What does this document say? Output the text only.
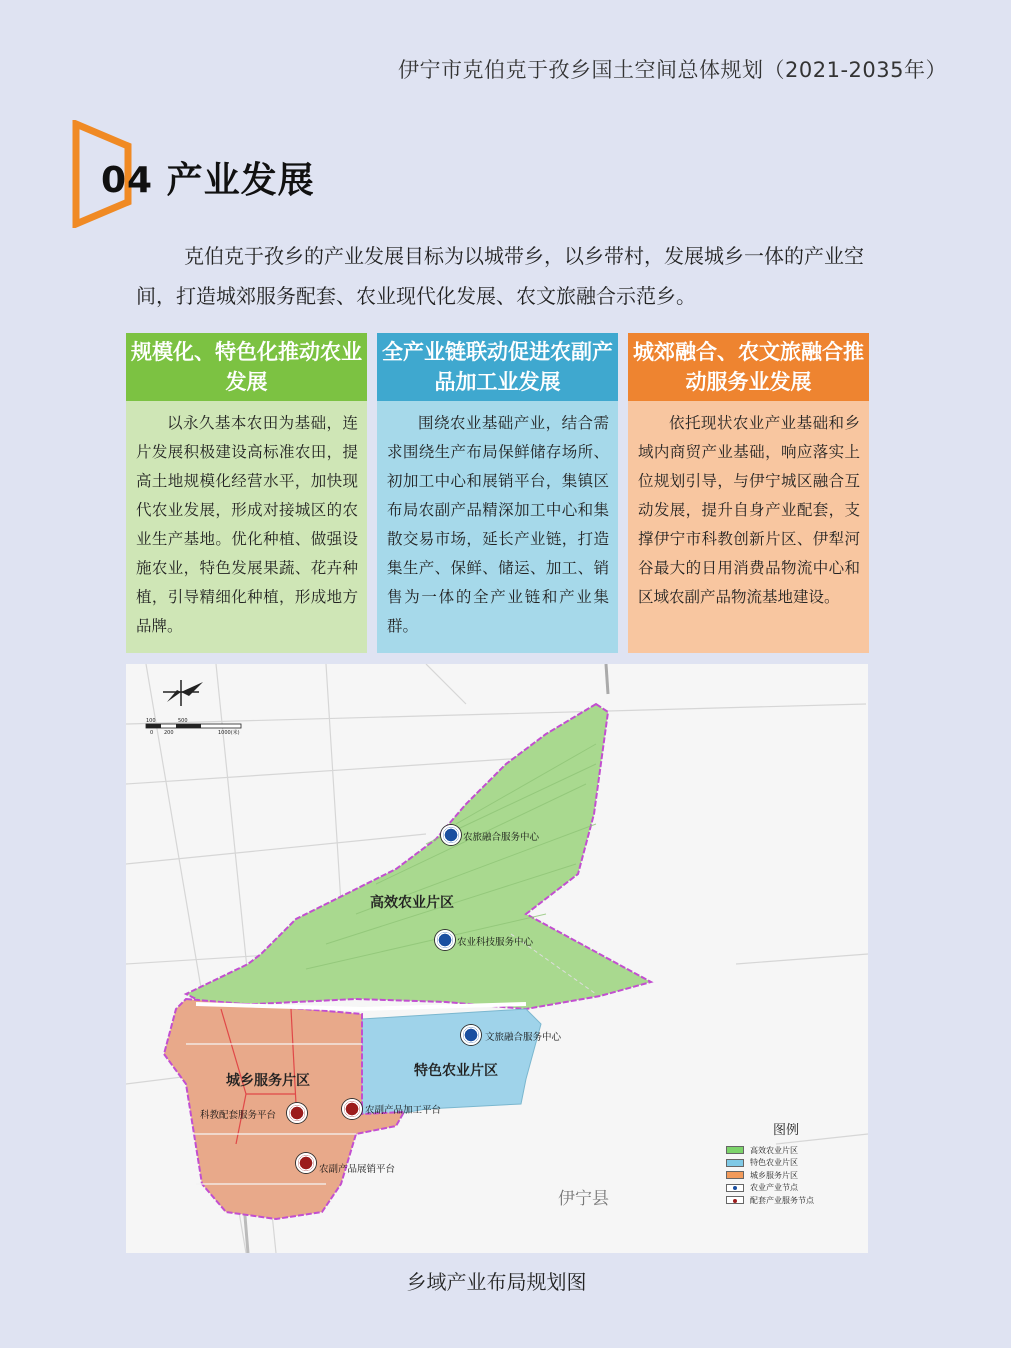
伊宁市克伯克于孜乡国土空间总体规划（2021-2035年）
04 产业发展
克伯克于孜乡的产业发展目标为以城带乡，以乡带村，发展城乡一体的产业空间，打造城郊服务配套、农业现代化发展、农文旅融合示范乡。
规模化、特色化推动农业发展
以永久基本农田为基础，连片发展积极建设高标准农田，提高土地规模化经营水平，加快现代农业发展，形成对接城区的农业生产基地。优化种植、做强设施农业，特色发展果蔬、花卉种植，引导精细化种植，形成地方品牌。
全产业链联动促进农副产品加工业发展
围绕农业基础产业，结合需求围绕生产布局保鲜储存场所、初加工中心和展销平台，集镇区布局农副产品精深加工中心和集散交易市场，延长产业链，打造集生产、保鲜、储运、加工、销售为一体的全产业链和产业集群。
城郊融合、农文旅融合推动服务业发展
依托现状农业产业基础和乡域内商贸产业基础，响应落实上位规划引导，与伊宁城区融合互动发展，提升自身产业配套，支撑伊宁市科教创新片区、伊犁河谷最大的日用消费品物流中心和区域农副产品物流基地建设。
100	500
0 200	1000(米)
高效农业片区
特色农业片区
城乡服务片区
农旅融合服务中心
农业科技服务中心
文旅融合服务中心
科教配套服务平台	农副产品加工平台
农副产品展销平台
伊宁县
图例
高效农业片区
特色农业片区
城乡服务片区
农业产业节点
配套产业服务节点
乡域产业布局规划图
